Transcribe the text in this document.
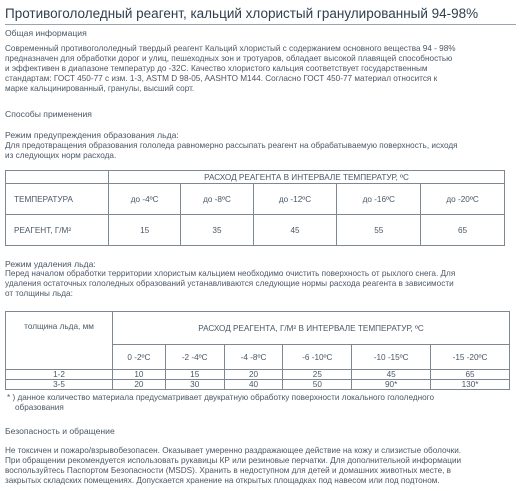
Противогололедный реагент, кальций хлористый гранулированный 94-98%
Общая информация
Современный противогололедный твердый реагент Кальций хлористый с содержанием основного вещества 94 - 98%
предназначен для обработки дорог и улиц, пешеходных зон и тротуаров, обладает высокой плавящей способностью
и эффективен в диапазоне температур до -32С. Качество хлористого кальция соответствует государственным
стандартам: ГОСТ 450-77 с изм. 1-3, ASTM D 98-05, AASHTO M144. Согласно ГОСТ 450-77 материал относится к
марке кальцинированный, гранулы, высший сорт.
Способы применения
Режим предупреждения образования льда:
Для предотвращения образования гололеда равномерно рассыпать реагент на обрабатываемую поверхность, исходя
из следующих норм расхода.
	РАСХОД РЕАГЕНТА В ИНТЕРВАЛЕ ТЕМПЕРАТУР, ºС				
ТЕМПЕРАТУРА	до -4ºС	до -8ºС	до -12ºС	до -16ºС	до -20ºС
РЕАГЕНТ, Г/М²	15	35	45	55	65
Режим удаления льда:
Перед началом обработки территории хлористым кальцием необходимо очистить поверхность от рыхлого снега. Для
удаления остаточных гололедных образований устанавливаются следующие нормы расхода реагента в зависимости
от толщины льда:
толщина льда, мм	РАСХОД РЕАГЕНТА, Г/М² В ИНТЕРВАЛЕ ТЕМПЕРАТУР, ºС					
	0 -2ºС	-2 -4ºС	-4 -8ºС	-6 -10ºС	-10 -15ºС	-15 -20ºС
1-2	10	15	20	25	45	65
3-5	20	30	40	50	90*	130*
* ) данное количество материала предусматривает двукратную обработку поверхности локального гололедного
образования
Безопасность и обращение
Не токсичен и пожаро/взрывобезопасен. Оказывает умеренно раздражающее действие на кожу и слизистые оболочки.
При обращении рекомендуется использовать рукавицы КР или резиновые перчатки. Для дополнительной информации
воспользуйтесь Паспортом Безопасности (MSDS). Хранить в недоступном для детей и домашних животных месте, в
закрытых складских помещениях. Допускается хранение на открытых площадках под навесом или под подтоном.
